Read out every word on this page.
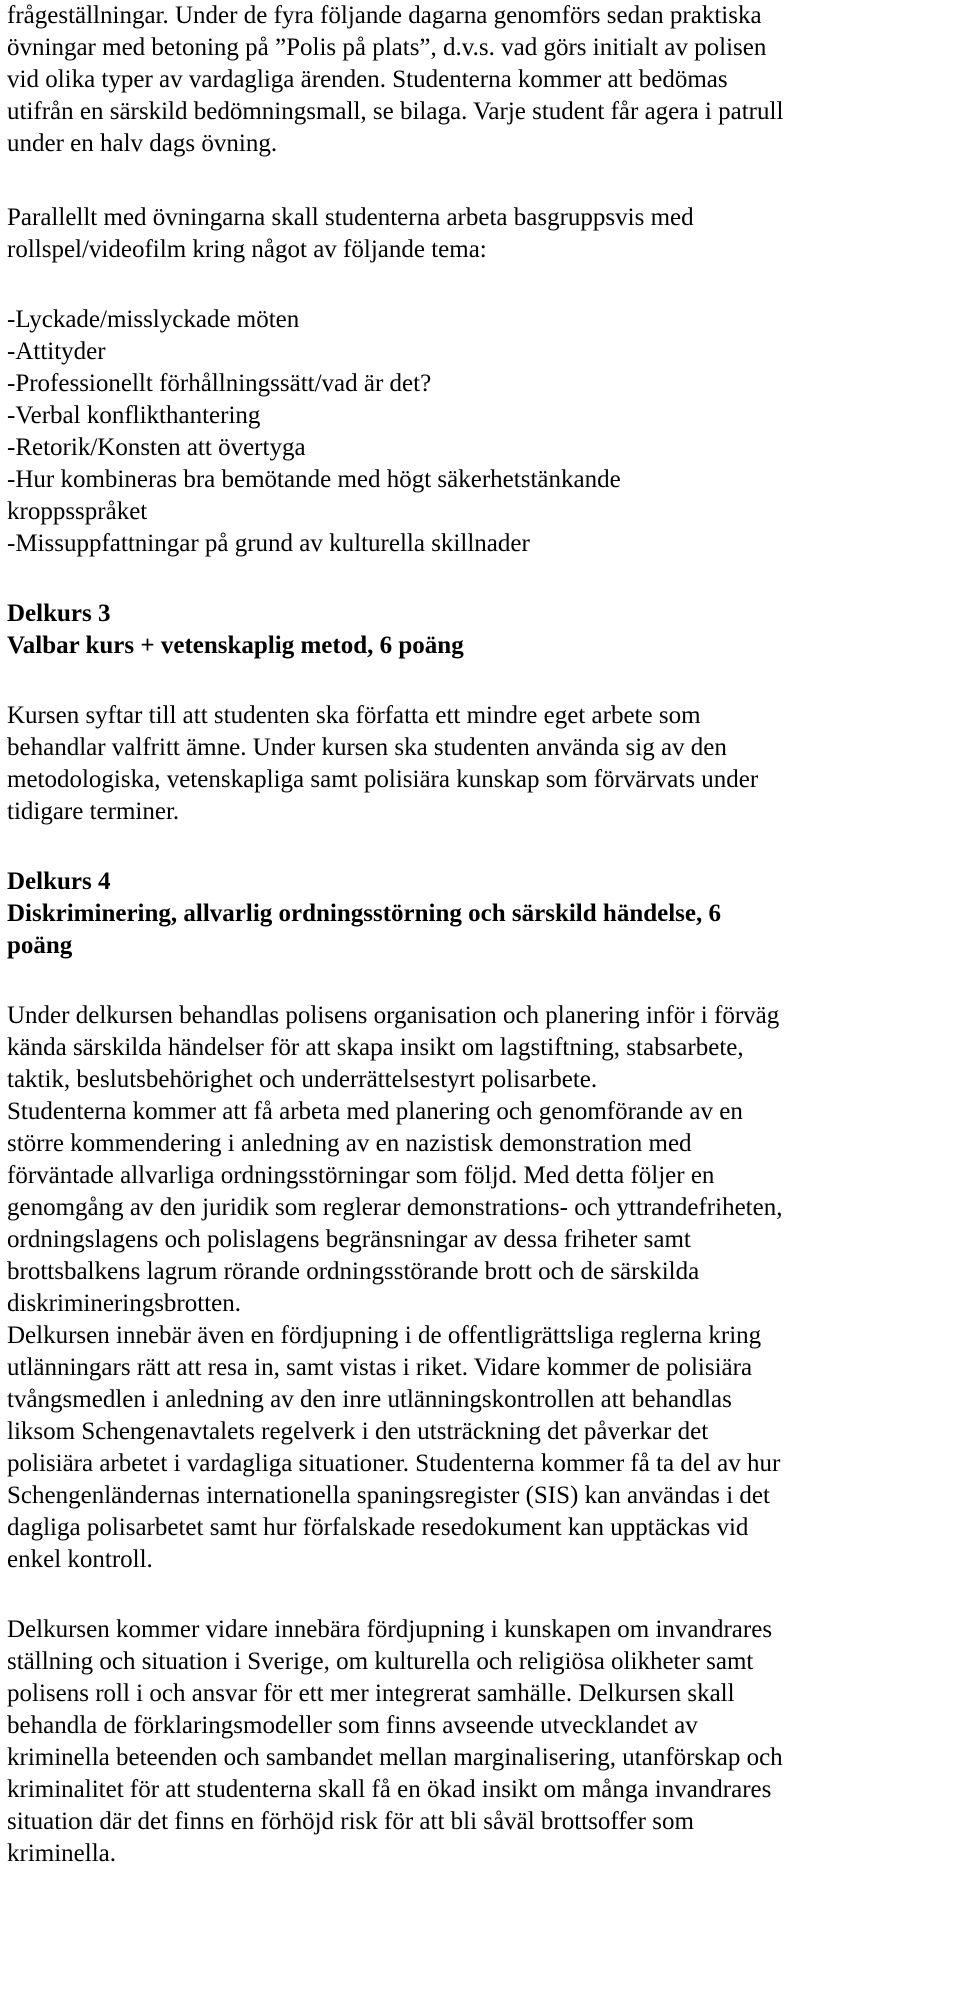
frågeställningar. Under de fyra följande dagarna genomförs sedan praktiska
övningar med betoning på ”Polis på plats”, d.v.s. vad görs initialt av polisen
vid olika typer av vardagliga ärenden. Studenterna kommer att bedömas
utifrån en särskild bedömningsmall, se bilaga. Varje student får agera i patrull
under en halv dags övning.
Parallellt med övningarna skall studenterna arbeta basgruppsvis med
rollspel/videofilm kring något av följande tema:
-Lyckade/misslyckade möten
-Attityder
-Professionellt förhållningssätt/vad är det?
-Verbal konflikthantering
-Retorik/Konsten att övertyga
-Hur kombineras bra bemötande med högt säkerhetstänkande
kroppsspråket
-Missuppfattningar på grund av kulturella skillnader
Delkurs 3
Valbar kurs + vetenskaplig metod, 6 poäng
Kursen syftar till att studenten ska författa ett mindre eget arbete som
behandlar valfritt ämne. Under kursen ska studenten använda sig av den
metodologiska, vetenskapliga samt polisiära kunskap som förvärvats under
tidigare terminer.
Delkurs 4
Diskriminering, allvarlig ordningsstörning och särskild händelse, 6
poäng
Under delkursen behandlas polisens organisation och planering inför i förväg
kända särskilda händelser för att skapa insikt om lagstiftning, stabsarbete,
taktik, beslutsbehörighet och underrättelsestyrt polisarbete.
Studenterna kommer att få arbeta med planering och genomförande av en
större kommendering i anledning av en nazistisk demonstration med
förväntade allvarliga ordningsstörningar som följd. Med detta följer en
genomgång av den juridik som reglerar demonstrations- och yttrandefriheten,
ordningslagens och polislagens begränsningar av dessa friheter samt
brottsbalkens lagrum rörande ordningsstörande brott och de särskilda
diskrimineringsbrotten.
Delkursen innebär även en fördjupning i de offentligrättsliga reglerna kring
utlänningars rätt att resa in, samt vistas i riket. Vidare kommer de polisiära
tvångsmedlen i anledning av den inre utlänningskontrollen att behandlas
liksom Schengenavtalets regelverk i den utsträckning det påverkar det
polisiära arbetet i vardagliga situationer. Studenterna kommer få ta del av hur
Schengenländernas internationella spaningsregister (SIS) kan användas i det
dagliga polisarbetet samt hur förfalskade resedokument kan upptäckas vid
enkel kontroll.
Delkursen kommer vidare innebära fördjupning i kunskapen om invandrares
ställning och situation i Sverige, om kulturella och religiösa olikheter samt
polisens roll i och ansvar för ett mer integrerat samhälle. Delkursen skall
behandla de förklaringsmodeller som finns avseende utvecklandet av
kriminella beteenden och sambandet mellan marginalisering, utanförskap och
kriminalitet för att studenterna skall få en ökad insikt om många invandrares
situation där det finns en förhöjd risk för att bli såväl brottsoffer som
kriminella.
